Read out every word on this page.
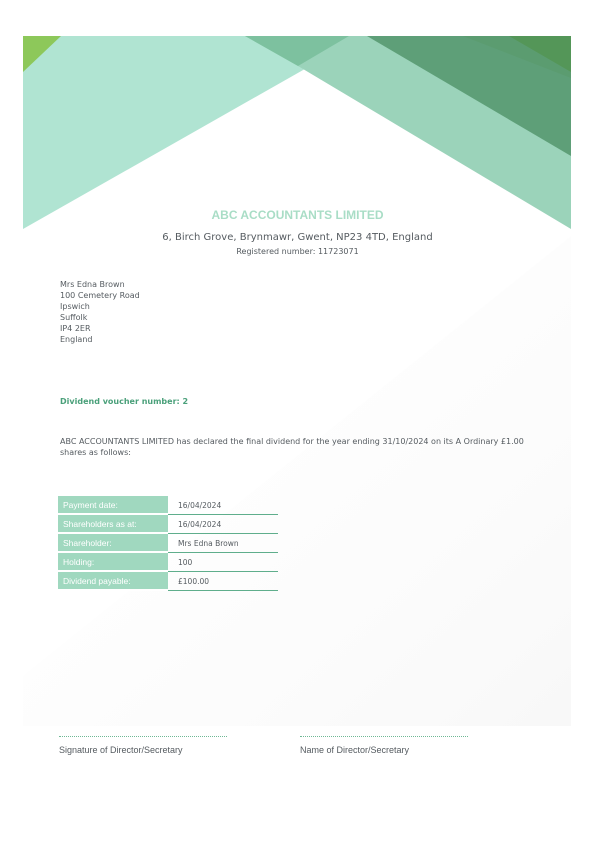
ABC ACCOUNTANTS LIMITED
6, Birch Grove, Brynmawr, Gwent, NP23 4TD, England
Registered number: 11723071
Mrs Edna Brown
100 Cemetery Road
Ipswich
Suffolk
IP4 2ER
England
Dividend voucher number: 2
ABC ACCOUNTANTS LIMITED has declared the final dividend for the year ending 31/10/2024 on its A Ordinary £1.00 shares as follows:
Payment date:	16/04/2024
Shareholders as at:	16/04/2024
Shareholder:	Mrs Edna Brown
Holding:	100
Dividend payable:	£100.00
Signature of Director/Secretary	Name of Director/Secretary
